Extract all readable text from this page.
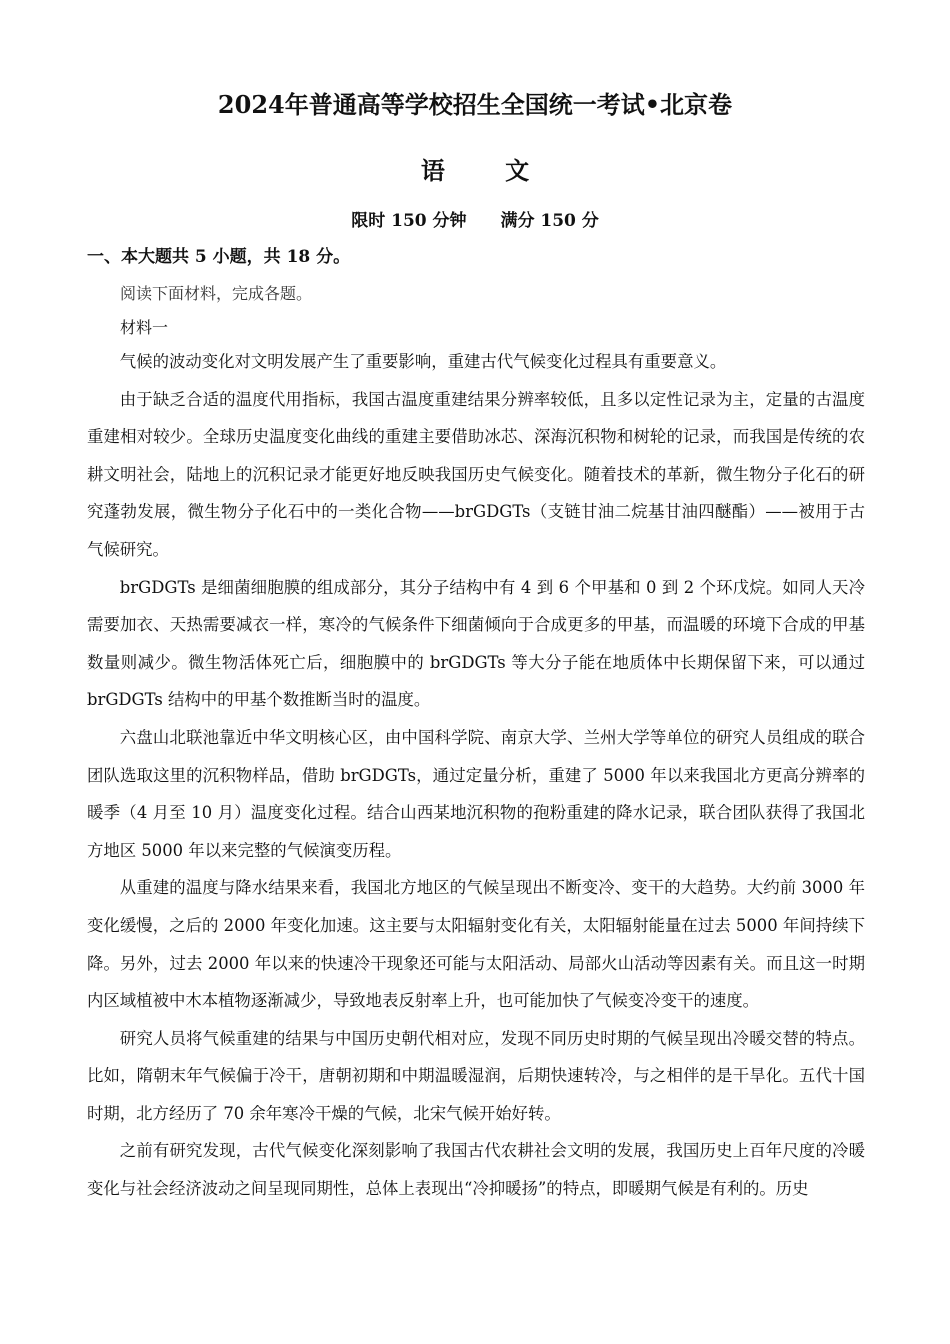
2024年普通高等学校招生全国统一考试•北京卷
语 文
限时 150 分钟 满分 150 分
一、本大题共 5 小题，共 18 分。
阅读下面材料，完成各题。
材料一

气候的波动变化对文明发展产生了重要影响，重建古代气候变化过程具有重要意义。

由于缺乏合适的温度代用指标，我国古温度重建结果分辨率较低，且多以定性记录为主，定量的古温度重建相对较少。全球历史温度变化曲线的重建主要借助冰芯、深海沉积物和树轮的记录，而我国是传统的农耕文明社会，陆地上的沉积记录才能更好地反映我国历史气候变化。随着技术的革新，微生物分子化石的研究蓬勃发展，微生物分子化石中的一类化合物——brGDGTs（支链甘油二烷基甘油四醚酯）——被用于古气候研究。

brGDGTs 是细菌细胞膜的组成部分，其分子结构中有 4 到 6 个甲基和 0 到 2 个环戊烷。如同人天冷需要加衣、天热需要减衣一样，寒冷的气候条件下细菌倾向于合成更多的甲基，而温暖的环境下合成的甲基数量则减少。微生物活体死亡后，细胞膜中的 brGDGTs 等大分子能在地质体中长期保留下来，可以通过 brGDGTs 结构中的甲基个数推断当时的温度。

六盘山北联池靠近中华文明核心区，由中国科学院、南京大学、兰州大学等单位的研究人员组成的联合团队选取这里的沉积物样品，借助 brGDGTs，通过定量分析，重建了 5000 年以来我国北方更高分辨率的暖季（4 月至 10 月）温度变化过程。结合山西某地沉积物的孢粉重建的降水记录，联合团队获得了我国北方地区 5000 年以来完整的气候演变历程。

从重建的温度与降水结果来看，我国北方地区的气候呈现出不断变冷、变干的大趋势。大约前 3000 年变化缓慢，之后的 2000 年变化加速。这主要与太阳辐射变化有关，太阳辐射能量在过去 5000 年间持续下降。另外，过去 2000 年以来的快速冷干现象还可能与太阳活动、局部火山活动等因素有关。而且这一时期内区域植被中木本植物逐渐减少，导致地表反射率上升，也可能加快了气候变冷变干的速度。

研究人员将气候重建的结果与中国历史朝代相对应，发现不同历史时期的气候呈现出冷暖交替的特点。比如，隋朝末年气候偏于冷干，唐朝初期和中期温暖湿润，后期快速转冷，与之相伴的是干旱化。五代十国时期，北方经历了 70 余年寒冷干燥的气候，北宋气候开始好转。

之前有研究发现，古代气候变化深刻影响了我国古代农耕社会文明的发展，我国历史上百年尺度的冷暖变化与社会经济波动之间呈现同期性，总体上表现出“冷抑暖扬”的特点，即暖期气候是有利的。历史
